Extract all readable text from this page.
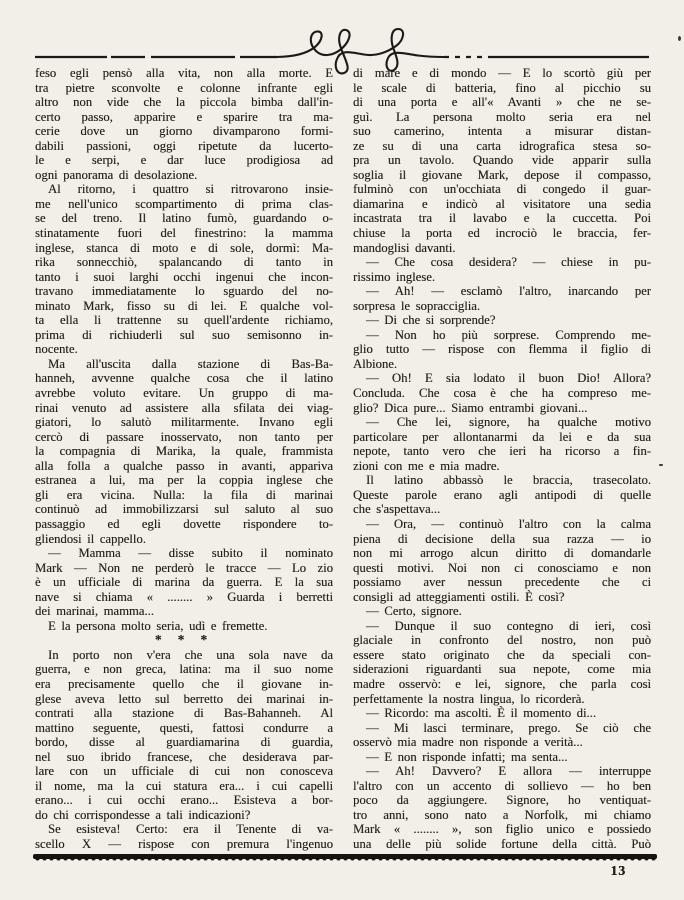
feso egli pensò alla vita, non alla morte. E
tra pietre sconvolte e colonne infrante egli
altro non vide che la piccola bimba dall'in-
certo passo, apparire e sparire tra ma-
cerie dove un giorno divamparono formi-
dabili passioni, oggi ripetute da lucerto-
le e serpi, e dar luce prodigiosa ad
ogni panorama di desolazione.
Al ritorno, i quattro si ritrovarono insie-
me nell'unico scompartimento di prima clas-
se del treno. Il latino fumò, guardando o-
stinatamente fuori del finestrino: la mamma
inglese, stanca di moto e di sole, dormì: Ma-
rika sonnecchiò, spalancando di tanto in
tanto i suoi larghi occhi ingenui che incon-
travano immediatamente lo sguardo del no-
minato Mark, fisso su di lei. E qualche vol-
ta ella li trattenne su quell'ardente richiamo,
prima di richiuderli sul suo semisonno in-
nocente.
Ma all'uscita dalla stazione di Bas-Ba-
hanneh, avvenne qualche cosa che il latino
avrebbe voluto evitare. Un gruppo di ma-
rinai venuto ad assistere alla sfilata dei viag-
giatori, lo salutò militarmente. Invano egli
cercò di passare inosservato, non tanto per
la compagnia di Marika, la quale, frammista
alla folla a qualche passo in avanti, appariva
estranea a lui, ma per la coppia inglese che
gli era vicina. Nulla: la fila di marinai
continuò ad immobilizzarsi sul saluto al suo
passaggio ed egli dovette rispondere to-
gliendosi il cappello.
— Mamma — disse subito il nominato
Mark — Non ne perderò le tracce — Lo zio
è un ufficiale di marina da guerra. E la sua
nave si chiama « ........ » Guarda i berretti
dei marinai, mamma...
E la persona molto seria, udì e fremette.
* * *
In porto non v'era che una sola nave da
guerra, e non greca, latina: ma il suo nome
era precisamente quello che il giovane in-
glese aveva letto sul berretto dei marinai in-
contrati alla stazione di Bas-Bahanneh. Al
mattino seguente, questi, fattosi condurre a
bordo, disse al guardiamarina di guardia,
nel suo ibrido francese, che desiderava par-
lare con un ufficiale di cui non conosceva
il nome, ma la cui statura era... i cui capelli
erano... i cui occhi erano... Esisteva a bor-
do chi corrispondesse a tali indicazioni?
Se esisteva! Certo: era il Tenente di va-
scello X — rispose con premura l'ingenuo
di mare e di mondo — E lo scortò giù per
le scale di batteria, fino al picchio su
di una porta e all'« Avanti » che ne se-
guì. La persona molto seria era nel
suo camerino, intenta a misurar distan-
ze su di una carta idrografica stesa so-
pra un tavolo. Quando vide apparir sulla
soglia il giovane Mark, depose il compasso,
fulminò con un'occhiata di congedo il guar-
diamarina e indicò al visitatore una sedia
incastrata tra il lavabo e la cuccetta. Poi
chiuse la porta ed incrociò le braccia, fer-
mandoglisi davanti.
— Che cosa desidera? — chiese in pu-
rissimo inglese.
— Ah! — esclamò l'altro, inarcando per
sorpresa le sopracciglia.
— Di che si sorprende?
— Non ho più sorprese. Comprendo me-
glio tutto — rispose con flemma il figlio di
Albione.
— Oh! E sia lodato il buon Dio! Allora?
Concluda. Che cosa è che ha compreso me-
glio? Dica pure... Siamo entrambi giovani...
— Che lei, signore, ha qualche motivo
particolare per allontanarmi da lei e da sua
nepote, tanto vero che ieri ha ricorso a fin-
zioni con me e mia madre.
Il latino abbassò le braccia, trasecolato.
Queste parole erano agli antipodi di quelle
che s'aspettava...
— Ora, — continuò l'altro con la calma
piena di decisione della sua razza — io
non mi arrogo alcun diritto di domandarle
questi motivi. Noi non ci conosciamo e non
possiamo aver nessun precedente che ci
consigli ad atteggiamenti ostili. È così?
— Certo, signore.
— Dunque il suo contegno di ieri, così
glaciale in confronto del nostro, non può
essere stato originato che da speciali con-
siderazioni riguardanti sua nepote, come mia
madre osservò: e lei, signore, che parla così
perfettamente la nostra lingua, lo ricorderà.
— Ricordo: ma ascolti. È il momento di...
— Mi lasci terminare, prego. Se ciò che
osservò mia madre non risponde a verità...
— E non risponde infatti; ma senta...
— Ah! Davvero? E allora — interruppe
l'altro con un accento di sollievo — ho ben
poco da aggiungere. Signore, ho ventiquat-
tro anni, sono nato a Norfolk, mi chiamo
Mark « ........ », son figlio unico e possiedo
una delle più solide fortune della città. Può
13
